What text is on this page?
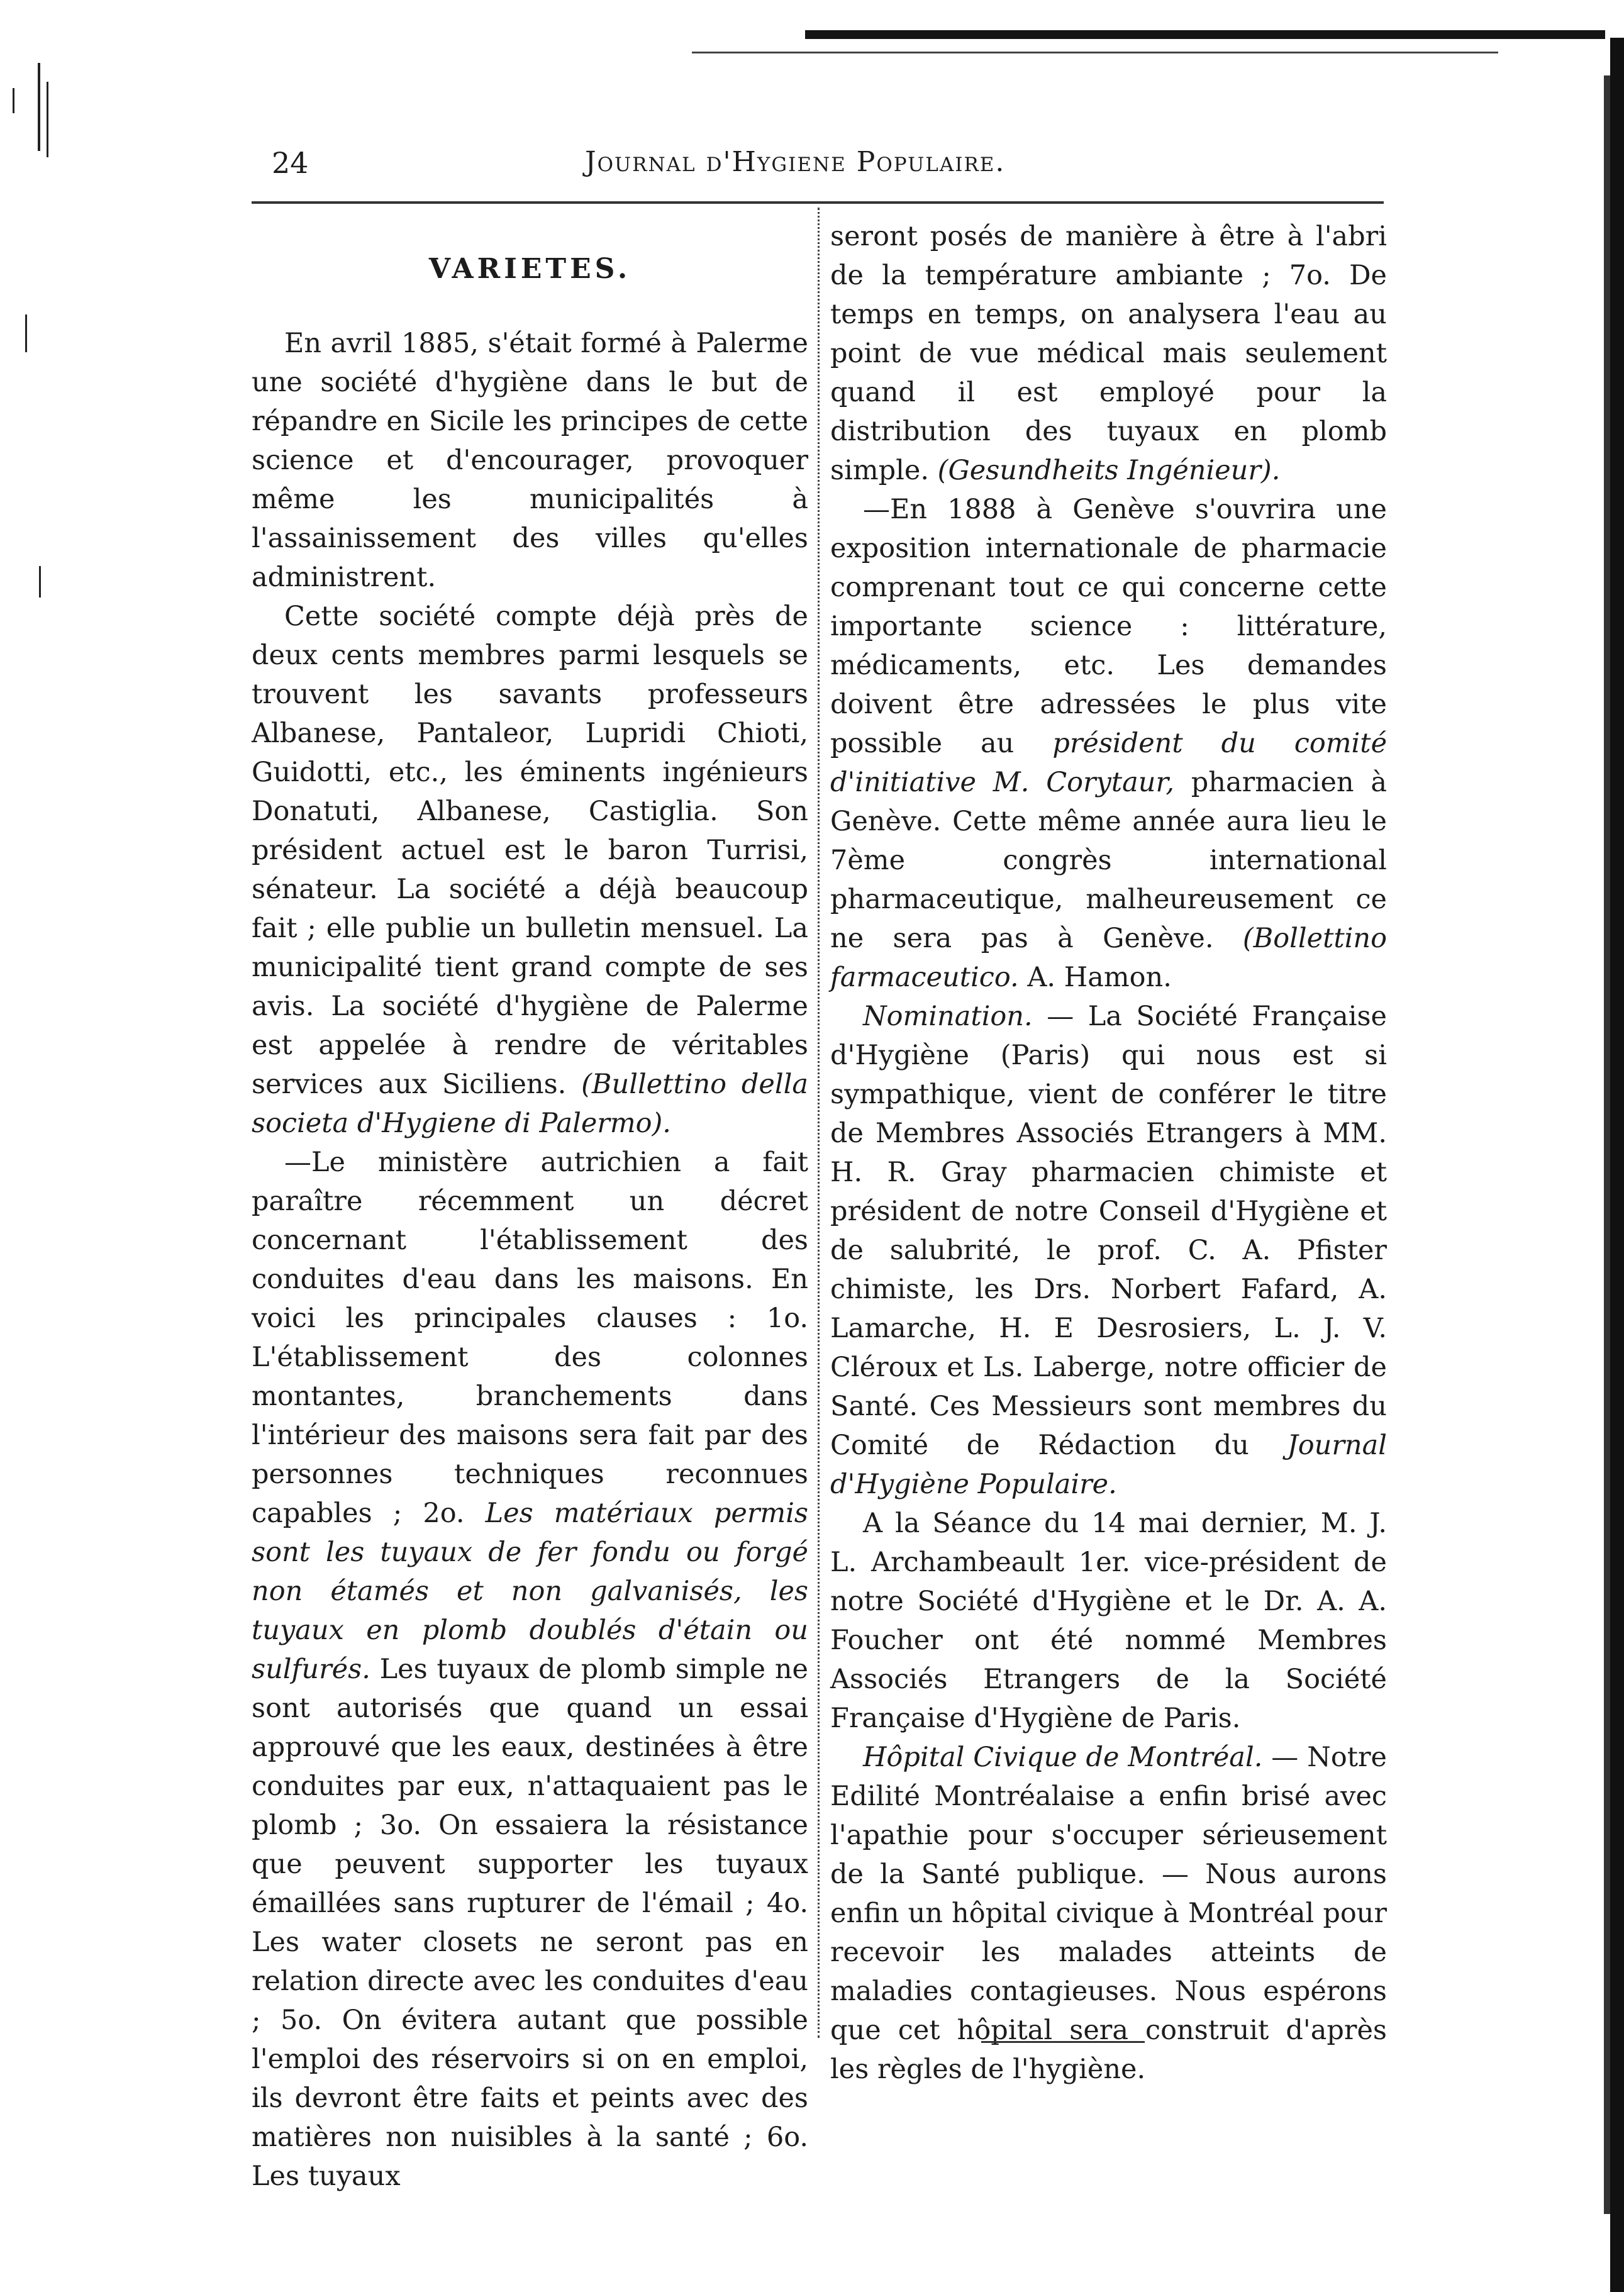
24	Journal d'Hygiene Populaire.

VARIETES.

En avril 1885, s'était formé à Palerme une société d'hygiène dans le but de répandre en Sicile les principes de cette science et d'encourager, provoquer même les municipalités à l'assainissement des villes qu'elles administrent.

Cette société compte déjà près de deux cents membres parmi lesquels se trouvent les savants professeurs Albanese, Pantaleor, Lupridi Chioti, Guidotti, etc., les éminents ingénieurs Donatuti, Albanese, Castiglia. Son président actuel est le baron Turrisi, sénateur. La société a déjà beaucoup fait ; elle publie un bulletin mensuel. La municipalité tient grand compte de ses avis. La société d'hygiène de Palerme est appelée à rendre de véritables services aux Siciliens. (Bullettino della societa d'Hygiene di Palermo).

—Le ministère autrichien a fait paraître récemment un décret concernant l'établissement des conduites d'eau dans les maisons. En voici les principales clauses : 1o. L'établissement des colonnes montantes, branchements dans l'intérieur des maisons sera fait par des personnes techniques reconnues capables ; 2o. Les matériaux permis sont les tuyaux de fer fondu ou forgé non étamés et non galvanisés, les tuyaux en plomb doublés d'étain ou sulfurés. Les tuyaux de plomb simple ne sont autorisés que quand un essai approuvé que les eaux, destinées à être conduites par eux, n'attaquaient pas le plomb ; 3o. On essaiera la résistance que peuvent supporter les tuyaux émaillées sans rupturer de l'émail ; 4o. Les water closets ne seront pas en relation directe avec les conduites d'eau ; 5o. On évitera autant que possible l'emploi des réservoirs si on en emploi, ils devront être faits et peints avec des matières non nuisibles à la santé ; 6o. Les tuyaux

seront posés de manière à être à l'abri de la température ambiante ; 7o. De temps en temps, on analysera l'eau au point de vue médical mais seulement quand il est employé pour la distribution des tuyaux en plomb simple. (Gesundheits Ingénieur).

—En 1888 à Genève s'ouvrira une exposition internationale de pharmacie comprenant tout ce qui concerne cette importante science : littérature, médicaments, etc. Les demandes doivent être adressées le plus vite possible au président du comité d'initiative M. Corytaur, pharmacien à Genève. Cette même année aura lieu le 7ème congrès international pharmaceutique, malheureusement ce ne sera pas à Genève. (Bollettino farmaceutico. A. Hamon.

Nomination. — La Société Française d'Hygiène (Paris) qui nous est si sympathique, vient de conférer le titre de Membres Associés Etrangers à MM. H. R. Gray pharmacien chimiste et président de notre Conseil d'Hygiène et de salubrité, le prof. C. A. Pfister chimiste, les Drs. Norbert Fafard, A. Lamarche, H. E Desrosiers, L. J. V. Cléroux et Ls. Laberge, notre officier de Santé. Ces Messieurs sont membres du Comité de Rédaction du Journal d'Hygiène Populaire.

A la Séance du 14 mai dernier, M. J. L. Archambeault 1er. vice-président de notre Société d'Hygiène et le Dr. A. A. Foucher ont été nommé Membres Associés Etrangers de la Société Française d'Hygiène de Paris.

Hôpital Civique de Montréal. — Notre Edilité Montréalaise a enfin brisé avec l'apathie pour s'occuper sérieusement de la Santé publique. — Nous aurons enfin un hôpital civique à Montréal pour recevoir les malades atteints de maladies contagieuses. Nous espérons que cet hôpital sera construit d'après les règles de l'hygiène.
